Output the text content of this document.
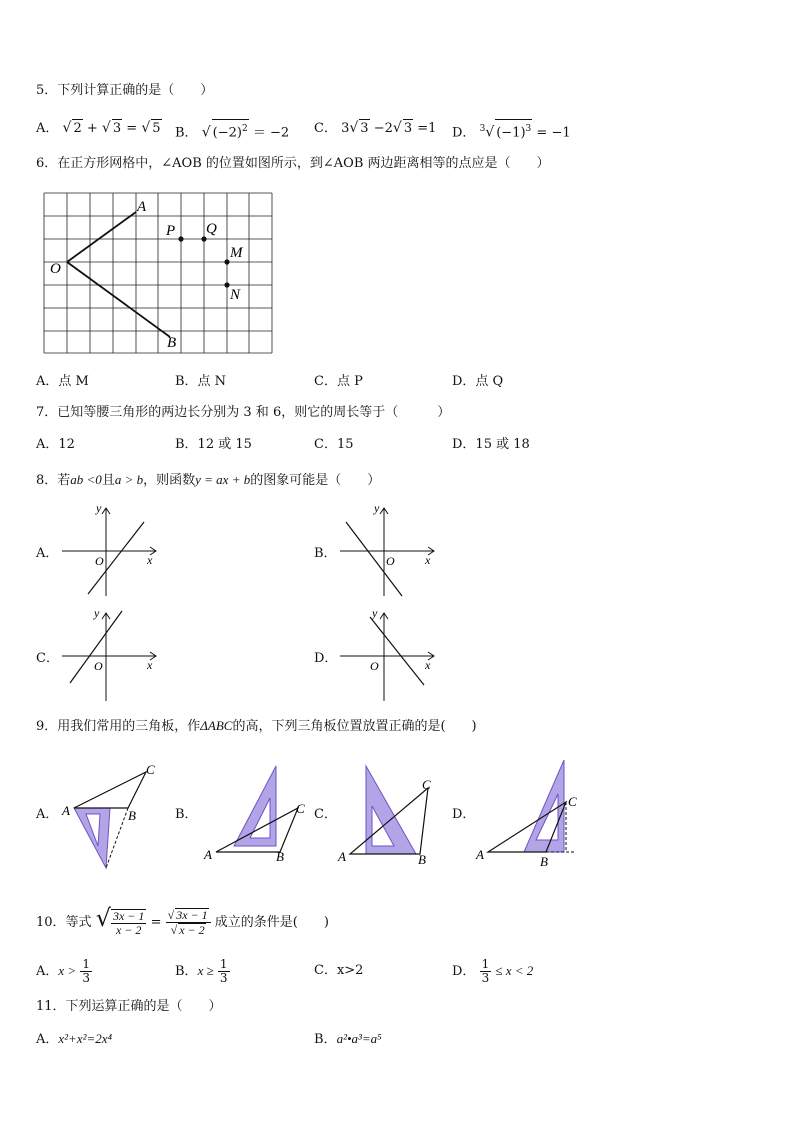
5．下列计算正确的是（　　）
A． √ 2 + √ 3 = √ 5 B． √ $(-2)^2 = -2$ C． 3√ 3 −2√ 3 =1 D． $^3$√ $(-1)^3 = -1$
6．在正方形网格中，∠AOB 的位置如图所示，到∠AOB 两边距离相等的点应是（　　）
A
O
B
P Q
M
N
A．点 M	B．点 N	C．点 P	D．点 Q
7．已知等腰三角形的两边长分别为 3 和 6，则它的周长等于（　　　）
A．12	B．12 或 15	C．15	D．15 或 18
8．若ab <0且a > b，则函数y = ax + b的图象可能是（　　）
A．	B．
C．	D．
y
x
O
y
x
O
y
x
O
y
x
O
9．用我们常用的三角板，作ΔABC的高，下列三角板位置放置正确的是(　　)
A．	B．	C．	D．
A	B
C
A	B
C
A	B
C
A	B
C
10．等式 √ $\frac{3x - 1}{x - 2} = \frac{√ 3x - 1}{√ x - 2}$ 成立的条件是(　　)
A．$x > \frac{1}{3}$	B．$x \ge \frac{1}{3}$	C．x>2	D． $\frac{1}{3} \le x < 2$
11．下列运算正确的是（　　）
A．x²+x²=2x⁴	B．a²•a³=a⁵
